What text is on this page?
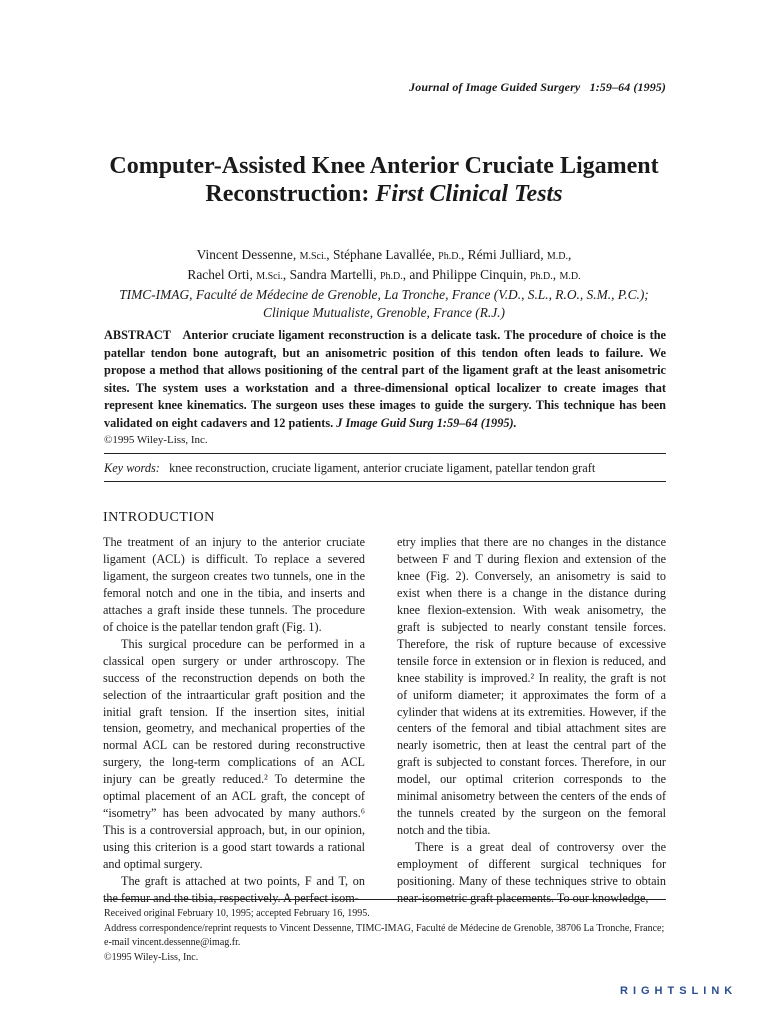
Journal of Image Guided Surgery 1:59–64 (1995)
Computer-Assisted Knee Anterior Cruciate Ligament
Reconstruction: First Clinical Tests
Vincent Dessenne, M.Sci., Stéphane Lavallée, Ph.D., Rémi Julliard, M.D.,
Rachel Orti, M.Sci., Sandra Martelli, Ph.D., and Philippe Cinquin, Ph.D., M.D.
TIMC-IMAG, Faculté de Médecine de Grenoble, La Tronche, France (V.D., S.L., R.O., S.M., P.C.);
Clinique Mutualiste, Grenoble, France (R.J.)
ABSTRACT Anterior cruciate ligament reconstruction is a delicate task. The procedure of choice is the patellar tendon bone autograft, but an anisometric position of this tendon often leads to failure. We propose a method that allows positioning of the central part of the ligament graft at the least anisometric sites. The system uses a workstation and a three-dimensional optical localizer to create images that represent knee kinematics. The surgeon uses these images to guide the surgery. This technique has been validated on eight cadavers and 12 patients. J Image Guid Surg 1:59–64 (1995).
©1995 Wiley-Liss, Inc.
Key words: knee reconstruction, cruciate ligament, anterior cruciate ligament, patellar tendon graft
INTRODUCTION

The treatment of an injury to the anterior cruciate ligament (ACL) is difficult. To replace a severed ligament, the surgeon creates two tunnels, one in the femoral notch and one in the tibia, and inserts and attaches a graft inside these tunnels. The procedure of choice is the patellar tendon graft (Fig. 1).

This surgical procedure can be performed in a classical open surgery or under arthroscopy. The success of the reconstruction depends on both the selection of the intraarticular graft position and the initial graft tension. If the insertion sites, initial tension, geometry, and mechanical properties of the normal ACL can be restored during reconstructive surgery, the long-term complications of an ACL injury can be greatly reduced.² To determine the optimal placement of an ACL graft, the concept of “isometry” has been advocated by many authors.⁶ This is a controversial approach, but, in our opinion, using this criterion is a good start towards a rational and optimal surgery.

The graft is attached at two points, F and T, on the femur and the tibia, respectively. A perfect isom-

etry implies that there are no changes in the distance between F and T during flexion and extension of the knee (Fig. 2). Conversely, an anisometry is said to exist when there is a change in the distance during knee flexion-extension. With weak anisometry, the graft is subjected to nearly constant tensile forces. Therefore, the risk of rupture because of excessive tensile force in extension or in flexion is reduced, and knee stability is improved.² In reality, the graft is not of uniform diameter; it approximates the form of a cylinder that widens at its extremities. However, if the centers of the femoral and tibial attachment sites are nearly isometric, then at least the central part of the graft is subjected to constant forces. Therefore, in our model, our optimal criterion corresponds to the minimal anisometry between the centers of the ends of the tunnels created by the surgeon on the femoral notch and the tibia.

There is a great deal of controversy over the employment of different surgical techniques for positioning. Many of these techniques strive to obtain near-isometric graft placements. To our knowledge,

Received original February 10, 1995; accepted February 16, 1995.

Address correspondence/reprint requests to Vincent Dessenne, TIMC-IMAG, Faculté de Médecine de Grenoble, 38706 La Tronche, France; e-mail vincent.dessenne@imag.fr.

©1995 Wiley-Liss, Inc.

RIGHTSLINK
